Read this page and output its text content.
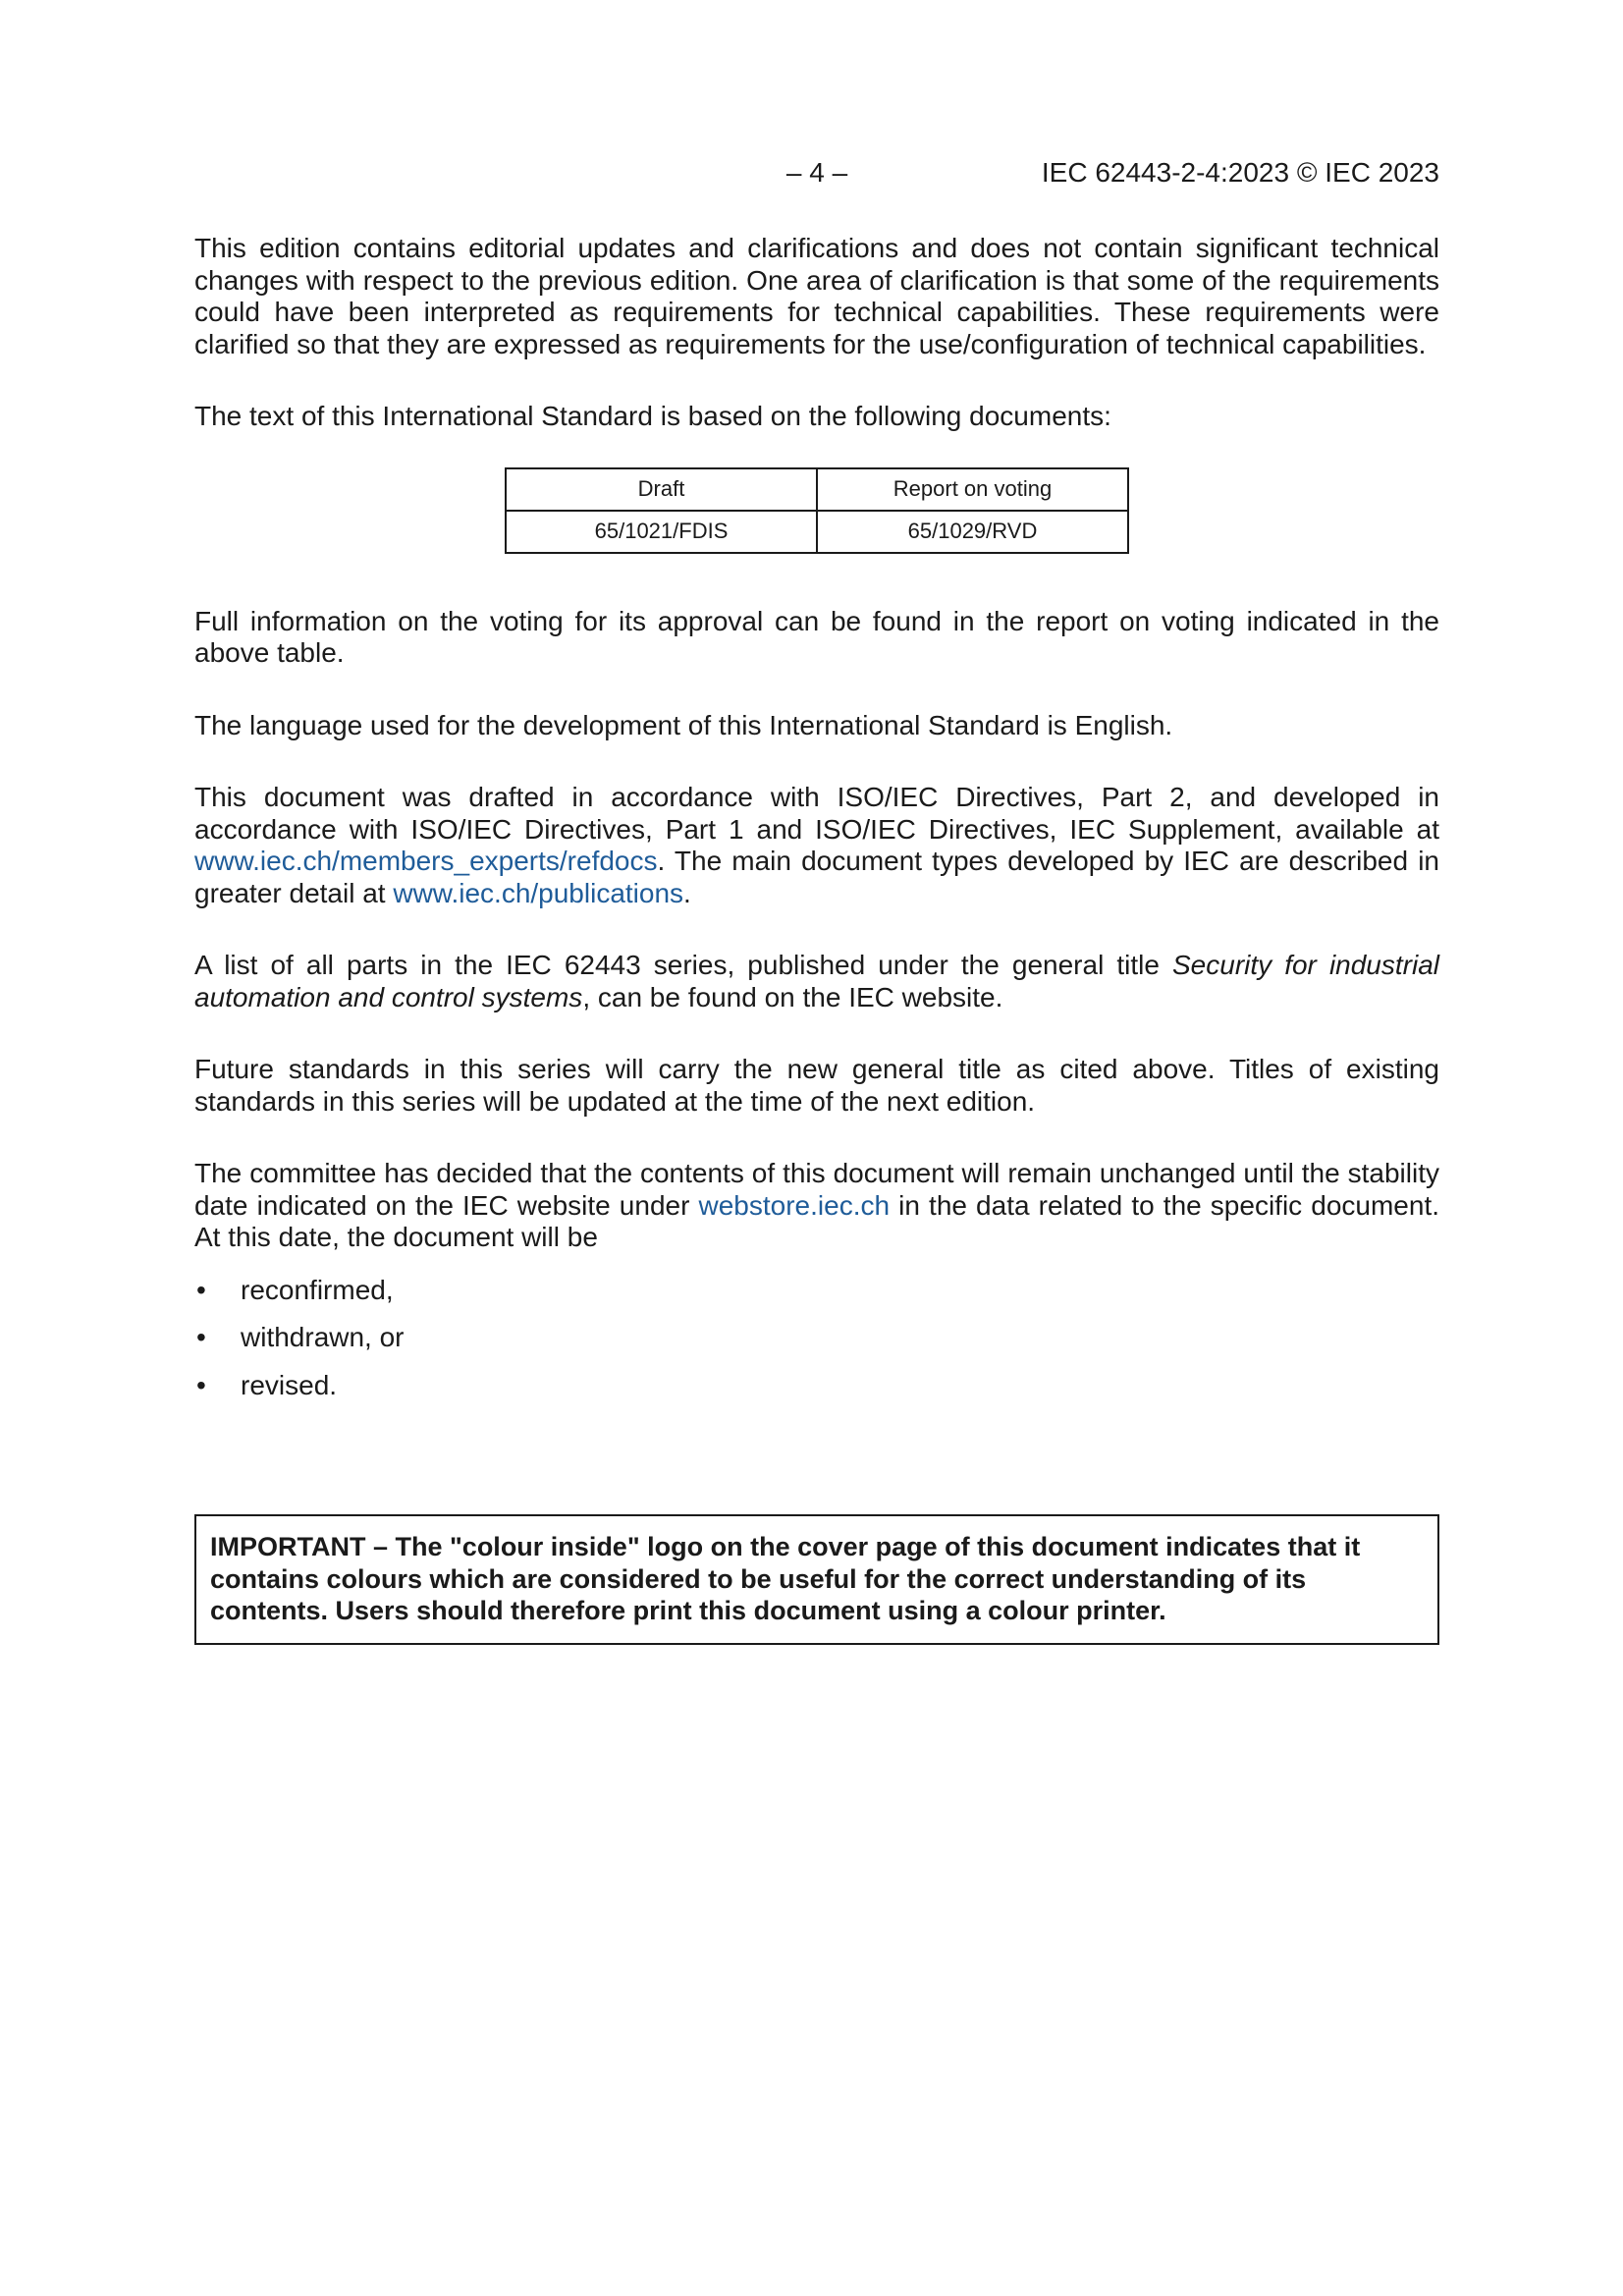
– 4 –	IEC 62443-2-4:2023 © IEC 2023

This edition contains editorial updates and clarifications and does not contain significant technical changes with respect to the previous edition. One area of clarification is that some of the requirements could have been interpreted as requirements for technical capabilities. These requirements were clarified so that they are expressed as requirements for the use/configuration of technical capabilities.

The text of this International Standard is based on the following documents:

Draft	Report on voting
65/1021/FDIS	65/1029/RVD

Full information on the voting for its approval can be found in the report on voting indicated in the above table.

The language used for the development of this International Standard is English.

This document was drafted in accordance with ISO/IEC Directives, Part 2, and developed in accordance with ISO/IEC Directives, Part 1 and ISO/IEC Directives, IEC Supplement, available at www.iec.ch/members_experts/refdocs. The main document types developed by IEC are described in greater detail at www.iec.ch/publications.

A list of all parts in the IEC 62443 series, published under the general title Security for industrial automation and control systems, can be found on the IEC website.

Future standards in this series will carry the new general title as cited above. Titles of existing standards in this series will be updated at the time of the next edition.

The committee has decided that the contents of this document will remain unchanged until the stability date indicated on the IEC website under webstore.iec.ch in the data related to the specific document. At this date, the document will be

• reconfirmed,
• withdrawn, or
• revised.
IMPORTANT – The "colour inside" logo on the cover page of this document indicates that it contains colours which are considered to be useful for the correct understanding of its contents. Users should therefore print this document using a colour printer.
